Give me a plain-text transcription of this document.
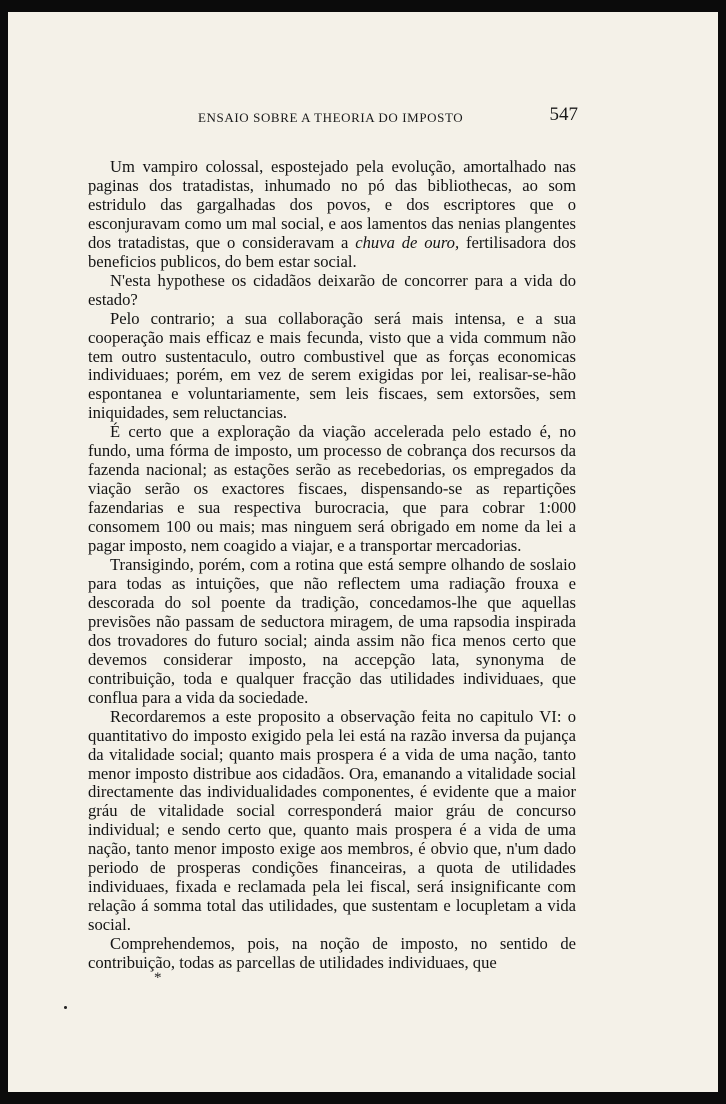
ENSAIO SOBRE A THEORIA DO IMPOSTO	547

Um vampiro colossal, espostejado pela evolução, amortalhado nas paginas dos tratadistas, inhumado no pó das bibliothecas, ao som estridulo das gargalhadas dos povos, e dos escriptores que o esconjuravam como um mal social, e aos lamentos das nenias plangentes dos tratadistas, que o consideravam a chuva de ouro, fertilisadora dos beneficios publicos, do bem estar social.

N'esta hypothese os cidadãos deixarão de concorrer para a vida do estado?

Pelo contrario; a sua collaboração será mais intensa, e a sua cooperação mais efficaz e mais fecunda, visto que a vida commum não tem outro sustentaculo, outro combustivel que as forças economicas individuaes; porém, em vez de serem exigidas por lei, realisar-se-hão espontanea e voluntariamente, sem leis fiscaes, sem extorsões, sem iniquidades, sem reluctancias.

É certo que a exploração da viação accelerada pelo estado é, no fundo, uma fórma de imposto, um processo de cobrança dos recursos da fazenda nacional; as estações serão as recebedorias, os empregados da viação serão os exactores fiscaes, dispensando-se as repartições fazendarias e sua respectiva burocracia, que para cobrar 1:000 consomem 100 ou mais; mas ninguem será obrigado em nome da lei a pagar imposto, nem coagido a viajar, e a transportar mercadorias.

Transigindo, porém, com a rotina que está sempre olhando de soslaio para todas as intuições, que não reflectem uma radiação frouxa e descorada do sol poente da tradição, concedamos-lhe que aquellas previsões não passam de seductora miragem, de uma rapsodia inspirada dos trovadores do futuro social; ainda assim não fica menos certo que devemos considerar imposto, na accepção lata, synonyma de contribuição, toda e qualquer fracção das utilidades individuaes, que conflua para a vida da sociedade.

Recordaremos a este proposito a observação feita no capitulo VI: o quantitativo do imposto exigido pela lei está na razão inversa da pujança da vitalidade social; quanto mais prospera é a vida de uma nação, tanto menor imposto distribue aos cidadãos. Ora, emanando a vitalidade social directamente das individualidades componentes, é evidente que a maior gráu de vitalidade social corresponderá maior gráu de concurso individual; e sendo certo que, quanto mais prospera é a vida de uma nação, tanto menor imposto exige aos membros, é obvio que, n'um dado periodo de prosperas condições financeiras, a quota de utilidades individuaes, fixada e reclamada pela lei fiscal, será insignificante com relação á somma total das utilidades, que sustentam e locupletam a vida social.

Comprehendemos, pois, na noção de imposto, no sentido de contribuição, todas as parcellas de utilidades individuaes, que

*
